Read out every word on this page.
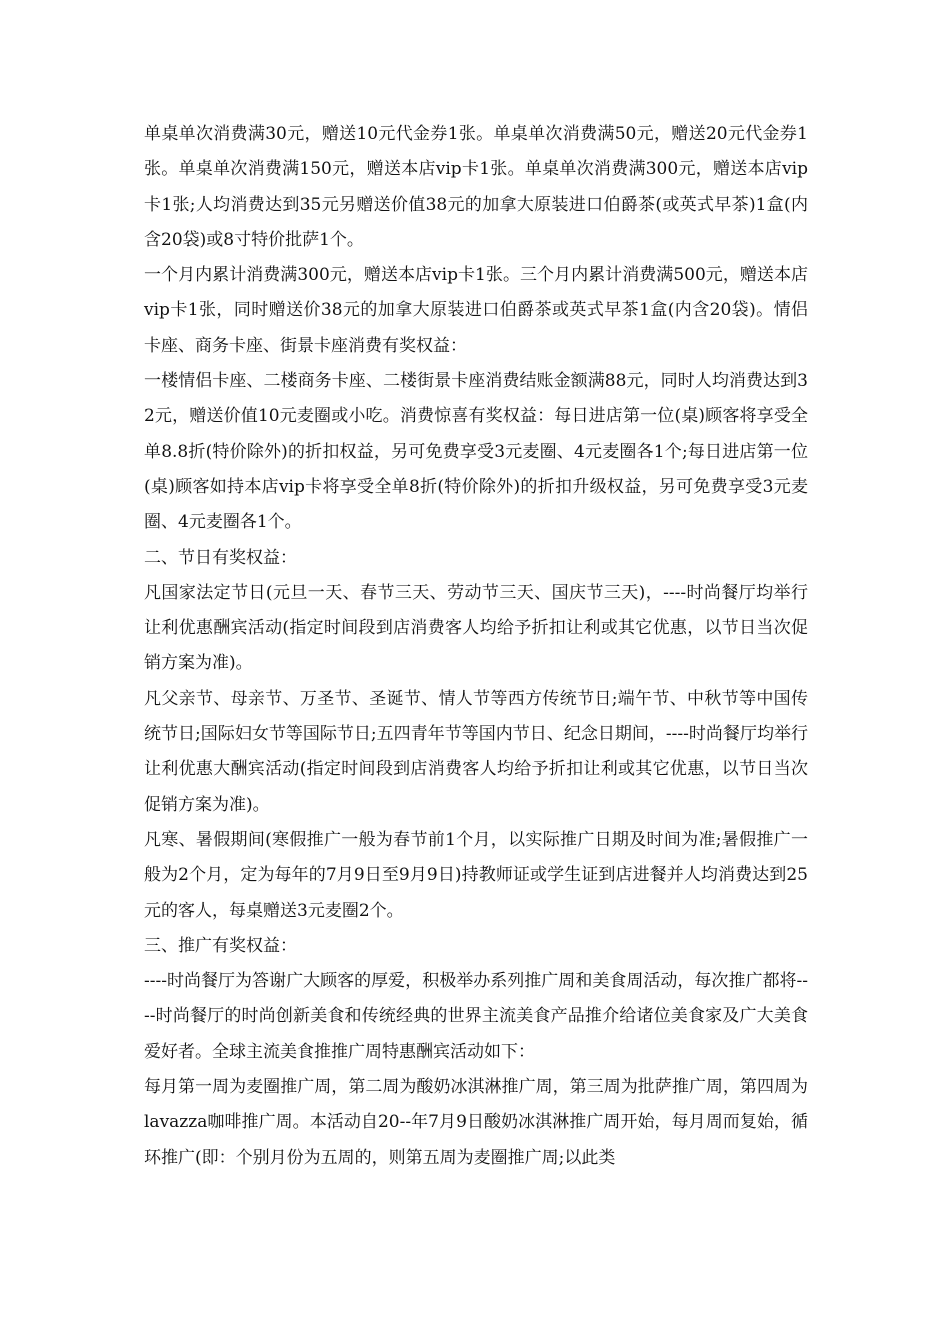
单桌单次消费满30元，赠送10元代金券1张。单桌单次消费满50元，赠送20元代金券1张。单桌单次消费满150元，赠送本店vip卡1张。单桌单次消费满300元，赠送本店vip卡1张;人均消费达到35元另赠送价值38元的加拿大原装进口伯爵茶(或英式早茶)1盒(内含20袋)或8寸特价批萨1个。

一个月内累计消费满300元，赠送本店vip卡1张。三个月内累计消费满500元，赠送本店vip卡1张，同时赠送价38元的加拿大原装进口伯爵茶或英式早茶1盒(内含20袋)。情侣卡座、商务卡座、街景卡座消费有奖权益：

一楼情侣卡座、二楼商务卡座、二楼街景卡座消费结账金额满88元，同时人均消费达到32元，赠送价值10元麦圈或小吃。消费惊喜有奖权益：每日进店第一位(桌)顾客将享受全单8.8折(特价除外)的折扣权益，另可免费享受3元麦圈、4元麦圈各1个;每日进店第一位(桌)顾客如持本店vip卡将享受全单8折(特价除外)的折扣升级权益，另可免费享受3元麦圈、4元麦圈各1个。

二、节日有奖权益：

凡国家法定节日(元旦一天、春节三天、劳动节三天、国庆节三天)，----时尚餐厅均举行让利优惠酬宾活动(指定时间段到店消费客人均给予折扣让利或其它优惠，以节日当次促销方案为准)。

凡父亲节、母亲节、万圣节、圣诞节、情人节等西方传统节日;端午节、中秋节等中国传统节日;国际妇女节等国际节日;五四青年节等国内节日、纪念日期间，----时尚餐厅均举行让利优惠大酬宾活动(指定时间段到店消费客人均给予折扣让利或其它优惠，以节日当次促销方案为准)。

凡寒、暑假期间(寒假推广一般为春节前1个月，以实际推广日期及时间为准;暑假推广一般为2个月，定为每年的7月9日至9月9日)持教师证或学生证到店进餐并人均消费达到25元的客人，每桌赠送3元麦圈2个。

三、推广有奖权益：

----时尚餐厅为答谢广大顾客的厚爱，积极举办系列推广周和美食周活动，每次推广都将----时尚餐厅的时尚创新美食和传统经典的世界主流美食产品推介给诸位美食家及广大美食爱好者。全球主流美食推推广周特惠酬宾活动如下：

每月第一周为麦圈推广周，第二周为酸奶冰淇淋推广周，第三周为批萨推广周，第四周为lavazza咖啡推广周。本活动自20--年7月9日酸奶冰淇淋推广周开始，每月周而复始，循环推广(即：个别月份为五周的，则第五周为麦圈推广周;以此类
